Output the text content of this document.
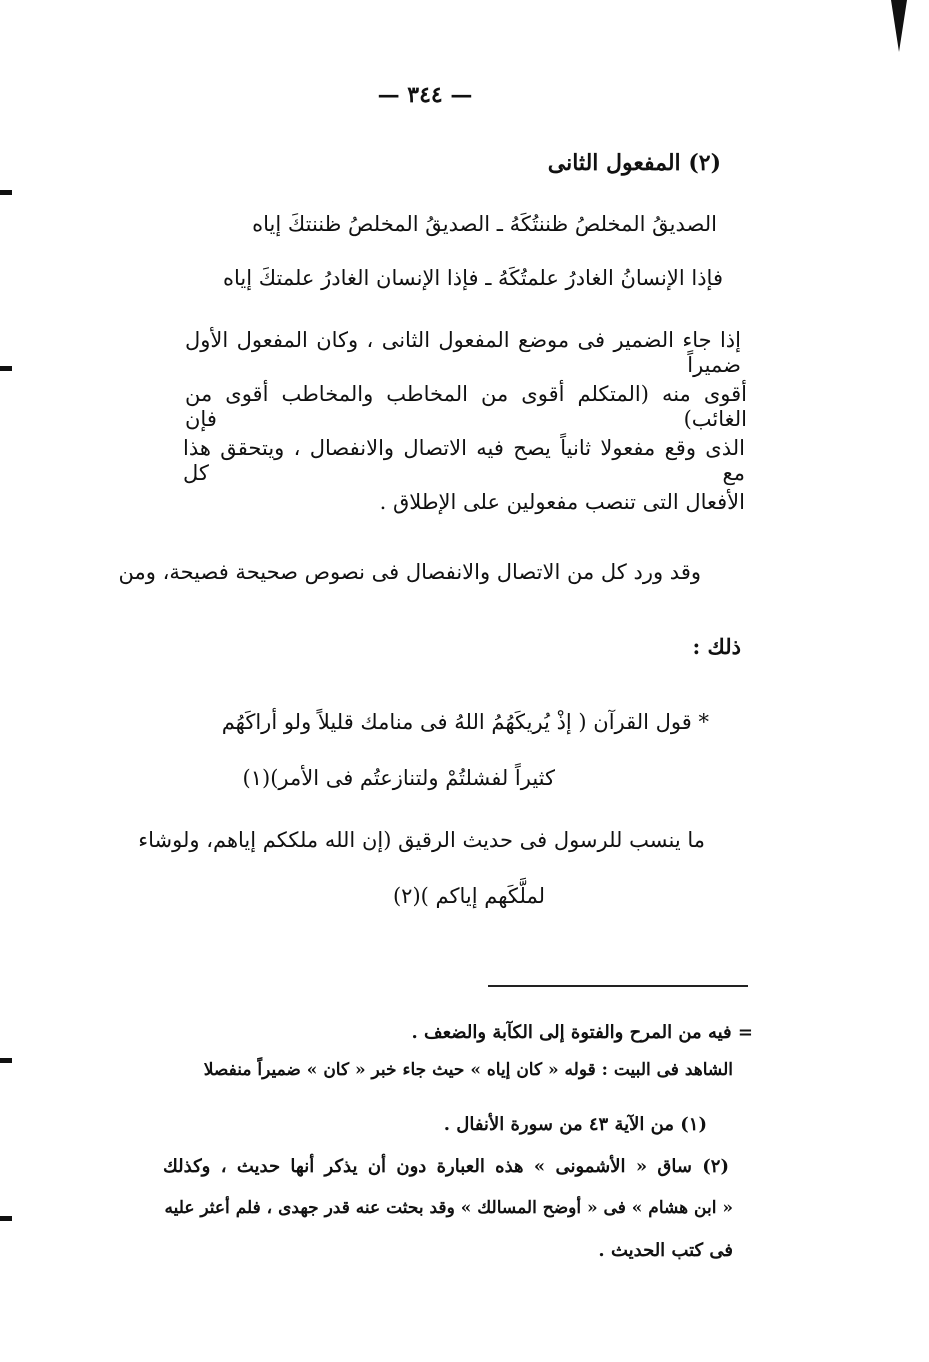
— ٣٤٤ —
(٢) المفعول الثانى
الصديقُ المخلصُ ظننتُكَهُ ـ الصديقُ المخلصُ ظننتكَ إياه
فإذا الإنسانُ الغادرُ علمتُكَهُ ـ فإذا الإنسان الغادرُ علمتكَ إياه
إذا جاء الضمير فى موضع المفعول الثانى ، وكان المفعول الأول ضميراً
أقوى منه (المتكلم أقوى من المخاطب والمخاطب أقوى من الغائب) فإن
الذى وقع مفعولا ثانياً يصح فيه الاتصال والانفصال ، ويتحقق هذا مع كل
الأفعال التى تنصب مفعولين على الإطلاق .
وقد ورد كل من الاتصال والانفصال فى نصوص صحيحة فصيحة، ومن
ذلك :
* قول القرآن ( إذْ يُريكَهُمُ اللهُ فى منامك قليلاً ولو أراكَهُم
كثيراً لفشلتُمْ ولتنازعتُم فى الأمر)(١)
ما ينسب للرسول فى حديث الرقيق (إن الله ملككم إياهم، ولوشاء
لملَّكَهم إياكم )(٢)
= فيه من المرح والفتوة إلى الكآبة والضعف .
الشاهد فى البيت : قوله « كان إياه » حيث جاء خبر « كان » ضميراً منفصلا
(١) من الآية ٤٣ من سورة الأنفال .
(٢) ساق « الأشمونى » هذه العبارة دون أن يذكر أنها حديث ، وكذلك
« ابن هشام » فى « أوضح المسالك » وقد بحثت عنه قدر جهدى ، فلم أعثر عليه
فى كتب الحديث .
